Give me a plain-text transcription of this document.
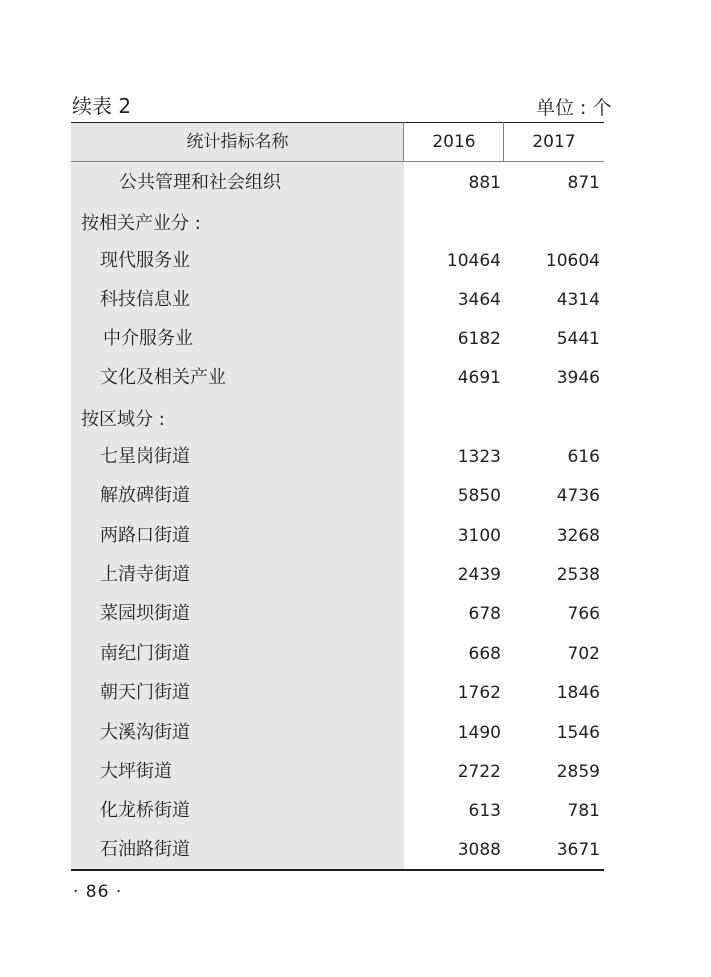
续表 2	单位 : 个
统计指标名称	2016	2017
公共管理和社会组织	881	871
按相关产业分 :
现代服务业	10464	10604
科技信息业	3464	4314
中介服务业	6182	5441
文化及相关产业	4691	3946
按区域分 :
七星岗街道	1323	616
解放碑街道	5850	4736
两路口街道	3100	3268
上清寺街道	2439	2538
菜园坝街道	678	766
南纪门街道	668	702
朝天门街道	1762	1846
大溪沟街道	1490	1546
大坪街道	2722	2859
化龙桥街道	613	781
石油路街道	3088	3671
· 86 ·
